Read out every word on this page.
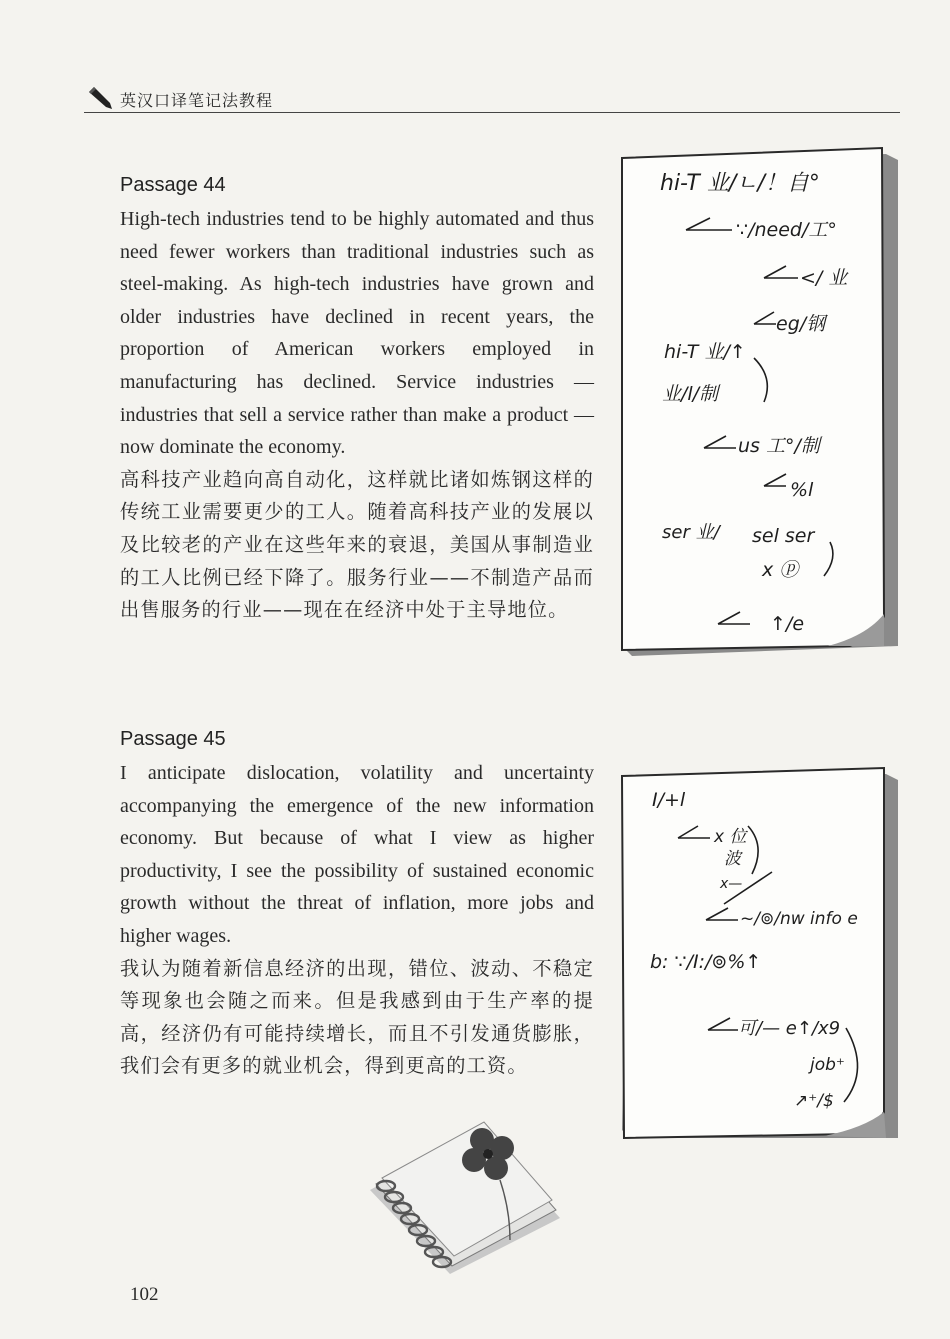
英汉口译笔记法教程
Passage 44

High-tech industries tend to be highly automated and thus need fewer workers than traditional industries such as steel-making. As high-tech industries have grown and older industries have declined in recent years, the proportion of American workers employed in manufacturing has declined. Service industries — industries that sell a service rather than make a product — now dominate the economy.

高科技产业趋向高自动化，这样就比诸如炼钢这样的传统工业需要更少的工人。随着高科技产业的发展以及比较老的产业在这些年来的衰退，美国从事制造业的工人比例已经下降了。服务行业——不制造产品而出售服务的行业——现在在经济中处于主导地位。

hi-T 业/ㄴ/！自°
∵/need/工°
</ 业
eg/钢
hi-T 业/↑
业/l/制
us 工°/制
%l
ser 业/ sel ser
x ⓟ
↑/e
Passage 45

I anticipate dislocation, volatility and uncertainty accompanying the emergence of the new information economy. But because of what I view as higher productivity, I see the possibility of sustained economic growth without the threat of inflation, more jobs and higher wages.

我认为随着新信息经济的出现，错位、波动、不稳定等现象也会随之而来。但是我感到由于生产率的提高，经济仍有可能持续增长，而且不引发通货膨胀，我们会有更多的就业机会，得到更高的工资。

I/+l
x 位
波
x—
~/⊚/nw info e
b: ∵/I:/⊚%↑
可/— e↑/x9
job⁺
↗⁺/$
102
